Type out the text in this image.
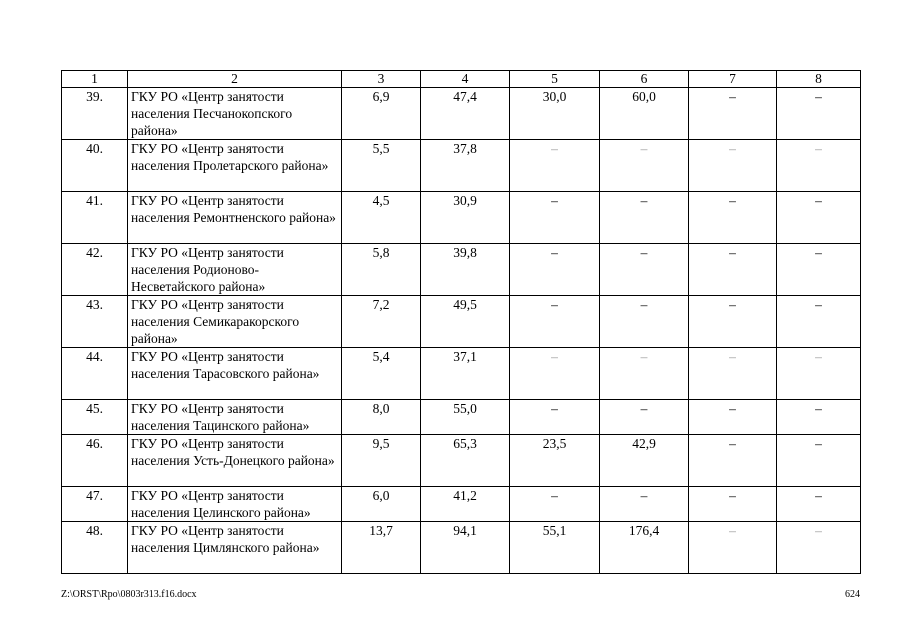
1	2	3	4	5	6	7	8
39.	ГКУ РО «Центр занятости населения Песчанокопского района»	6,9	47,4	30,0	60,0	–	–
40.	ГКУ РО «Центр занятости населения Пролетарского района»	5,5	37,8	–	–	–	–
41.	ГКУ РО «Центр занятости населения Ремонтненского района»	4,5	30,9	–	–	–	–
42.	ГКУ РО «Центр занятости населения Родионово-Несветайского района»	5,8	39,8	–	–	–	–
43.	ГКУ РО «Центр занятости населения Семикаракорского района»	7,2	49,5	–	–	–	–
44.	ГКУ РО «Центр занятости населения Тарасовского района»	5,4	37,1	–	–	–	–
45.	ГКУ РО «Центр занятости населения Тацинского района»	8,0	55,0	–	–	–	–
46.	ГКУ РО «Центр занятости населения Усть-Донецкого района»	9,5	65,3	23,5	42,9	–	–
47.	ГКУ РО «Центр занятости населения Целинского района»	6,0	41,2	–	–	–	–
48.	ГКУ РО «Центр занятости населения Цимлянского района»	13,7	94,1	55,1	176,4	–	–
Z:\ORST\Rpo\0803r313.f16.docx	624
